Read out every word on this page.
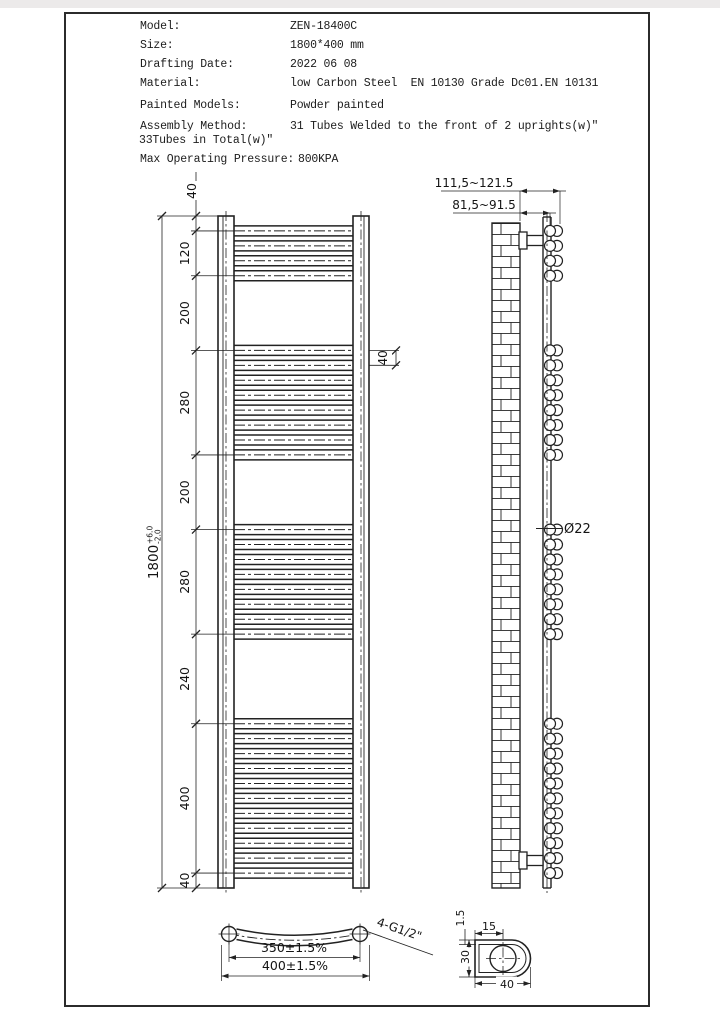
Model:	ZEN-18400C
Size:	1800*400 mm
Drafting Date:	2022 06 08
Material:	low Carbon Steel  EN 10130 Grade Dc01.EN 10131
Painted Models:	Powder painted
Assembly Method:	31 Tubes Welded to the front of 2 uprights(w)"
33Tubes in Total(w)"
Max Operating Pressure: 800KPA
1800
+6.0 -2.0
40
120
200
280
200
280
240
400
40
40
111,5~121.5
81,5~91.5
Ø22
350±1.5%
400±1.5%
4-G1/2"	15
1.5
30
40
